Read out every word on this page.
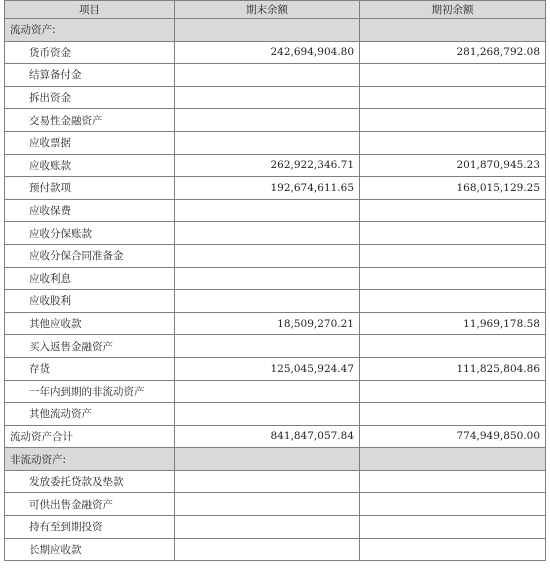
项目	期末余额	期初余额
流动资产:		
货币资金	242,694,904.80	281,268,792.08
结算备付金		
拆出资金		
交易性金融资产		
应收票据		
应收账款	262,922,346.71	201,870,945.23
预付款项	192,674,611.65	168,015,129.25
应收保费		
应收分保账款		
应收分保合同准备金		
应收利息		
应收股利		
其他应收款	18,509,270.21	11,969,178.58
买入返售金融资产		
存货	125,045,924.47	111,825,804.86
一年内到期的非流动资产		
其他流动资产		
流动资产合计	841,847,057.84	774,949,850.00
非流动资产:		
发放委托贷款及垫款		
可供出售金融资产		
持有至到期投资		
长期应收款		
